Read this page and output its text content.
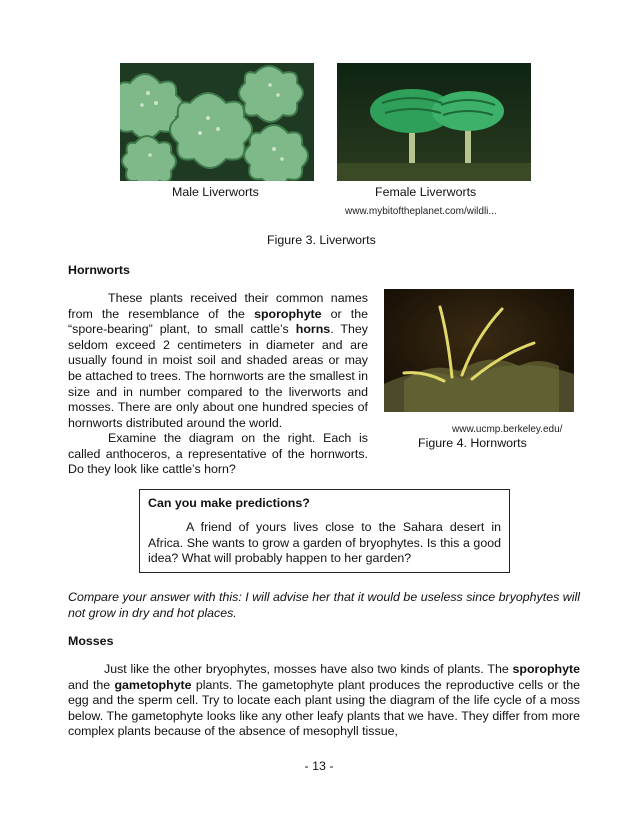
Male Liverworts	Female Liverworts
www.mybitoftheplanet.com/wildli...
Figure 3. Liverworts
Hornworts
These plants received their common names from the resemblance of the sporophyte or the “spore-bearing” plant, to small cattle’s horns. They seldom exceed 2 centimeters in diameter and are usually found in moist soil and shaded areas or may be attached to trees. The hornworts are the smallest in size and in number compared to the liverworts and mosses. There are only about one hundred species of hornworts distributed around the world.
Examine the diagram on the right. Each is called anthoceros, a representative of the hornworts. Do they look like cattle’s horn?
www.ucmp.berkeley.edu/
Figure 4. Hornworts
Can you make predictions?
A friend of yours lives close to the Sahara desert in Africa. She wants to grow a garden of bryophytes. Is this a good idea? What will probably happen to her garden?
Compare your answer with this: I will advise her that it would be useless since bryophytes will not grow in dry and hot places.
Mosses
Just like the other bryophytes, mosses have also two kinds of plants. The sporophyte and the gametophyte plants. The gametophyte plant produces the reproductive cells or the egg and the sperm cell. Try to locate each plant using the diagram of the life cycle of a moss below. The gametophyte looks like any other leafy plants that we have. They differ from more complex plants because of the absence of mesophyll tissue,
- 13 -
